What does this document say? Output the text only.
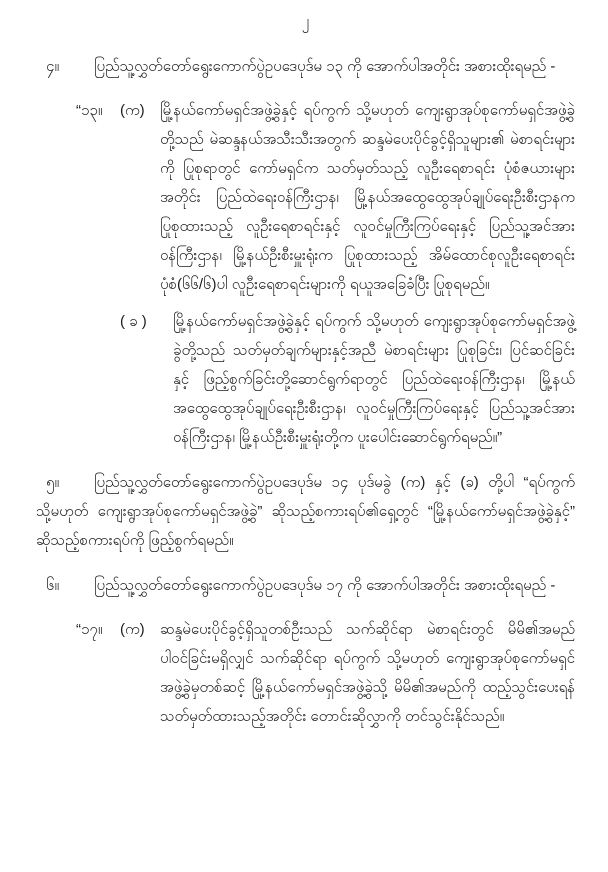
၂
၄။ ပြည်သူ့လွှတ်တော်ရွေးကောက်ပွဲဥပဒေပုဒ်မ ၁၃ ကို အောက်ပါအတိုင်း အစားထိုးရမည် -
“၁၃။	(က)	မြို့နယ်ကော်မရှင်အဖွဲ့ခွဲနှင့် ရပ်ကွက် သို့မဟုတ် ကျေးရွာအုပ်စုကော်မရှင်အဖွဲ့ခွဲတို့သည် မဲဆန္ဒနယ်အသီးသီးအတွက် ဆန္ဒမဲပေးပိုင်ခွင့်ရှိသူများ၏ မဲစာရင်းများကို ပြုစုရာတွင် ကော်မရှင်က သတ်မှတ်သည့် လူဦးရေစာရင်း ပုံစံဇယားများအတိုင်း ပြည်ထဲရေးဝန်ကြီးဌာန၊ မြို့နယ်အထွေထွေအုပ်ချုပ်ရေးဦးစီးဌာနက ပြုစုထားသည့် လူဦးရေစာရင်းနှင့် လူဝင်မှုကြီးကြပ်ရေးနှင့် ပြည်သူ့အင်အားဝန်ကြီးဌာန၊ မြို့နယ်ဦးစီးမှူးရုံးက ပြုစုထားသည့် အိမ်ထောင်စုလူဦးရေစာရင်းပုံစံ(၆၆/၆)ပါ လူဦးရေစာရင်းများကို ရယူအခြေခံပြီး ပြုစုရမည်။
( ခ )	မြို့နယ်ကော်မရှင်အဖွဲ့ခွဲနှင့် ရပ်ကွက် သို့မဟုတ် ကျေးရွာအုပ်စုကော်မရှင်အဖွဲ့ခွဲတို့သည် သတ်မှတ်ချက်များနှင့်အညီ မဲစာရင်းများ ပြုစုခြင်း၊ ပြင်ဆင်ခြင်းနှင့် ဖြည့်စွက်ခြင်းတို့ဆောင်ရွက်ရာတွင် ပြည်ထဲရေးဝန်ကြီးဌာန၊ မြို့နယ်အထွေထွေအုပ်ချုပ်ရေးဦးစီးဌာန၊ လူဝင်မှုကြီးကြပ်ရေးနှင့် ပြည်သူ့အင်အားဝန်ကြီးဌာန၊ မြို့နယ်ဦးစီးမှူးရုံးတို့က ပူးပေါင်းဆောင်ရွက်ရမည်။”
၅။ ပြည်သူ့လွှတ်တော်ရွေးကောက်ပွဲဥပဒေပုဒ်မ ၁၄ ပုဒ်မခွဲ (က) နှင့် (ခ) တို့ပါ “ရပ်ကွက် သို့မဟုတ် ကျေးရွာအုပ်စုကော်မရှင်အဖွဲ့ခွဲ” ဆိုသည့်စကားရပ်၏ရှေ့တွင် “မြို့နယ်ကော်မရှင်အဖွဲ့ခွဲနှင့်” ဆိုသည့်စကားရပ်ကို ဖြည့်စွက်ရမည်။
၆။ ပြည်သူ့လွှတ်တော်ရွေးကောက်ပွဲဥပဒေပုဒ်မ ၁၇ ကို အောက်ပါအတိုင်း အစားထိုးရမည် -
“၁၇။	(က)	ဆန္ဒမဲပေးပိုင်ခွင့်ရှိသူတစ်ဦးသည် သက်ဆိုင်ရာ မဲစာရင်းတွင် မိမိ၏အမည် ပါဝင်ခြင်းမရှိလျှင် သက်ဆိုင်ရာ ရပ်ကွက် သို့မဟုတ် ကျေးရွာအုပ်စုကော်မရှင်အဖွဲ့ခွဲမှတစ်ဆင့် မြို့နယ်ကော်မရှင်အဖွဲ့ခွဲသို့ မိမိ၏အမည်ကို ထည့်သွင်းပေးရန် သတ်မှတ်ထားသည့်အတိုင်း တောင်းဆိုလွှာကို တင်သွင်းနိုင်သည်။
